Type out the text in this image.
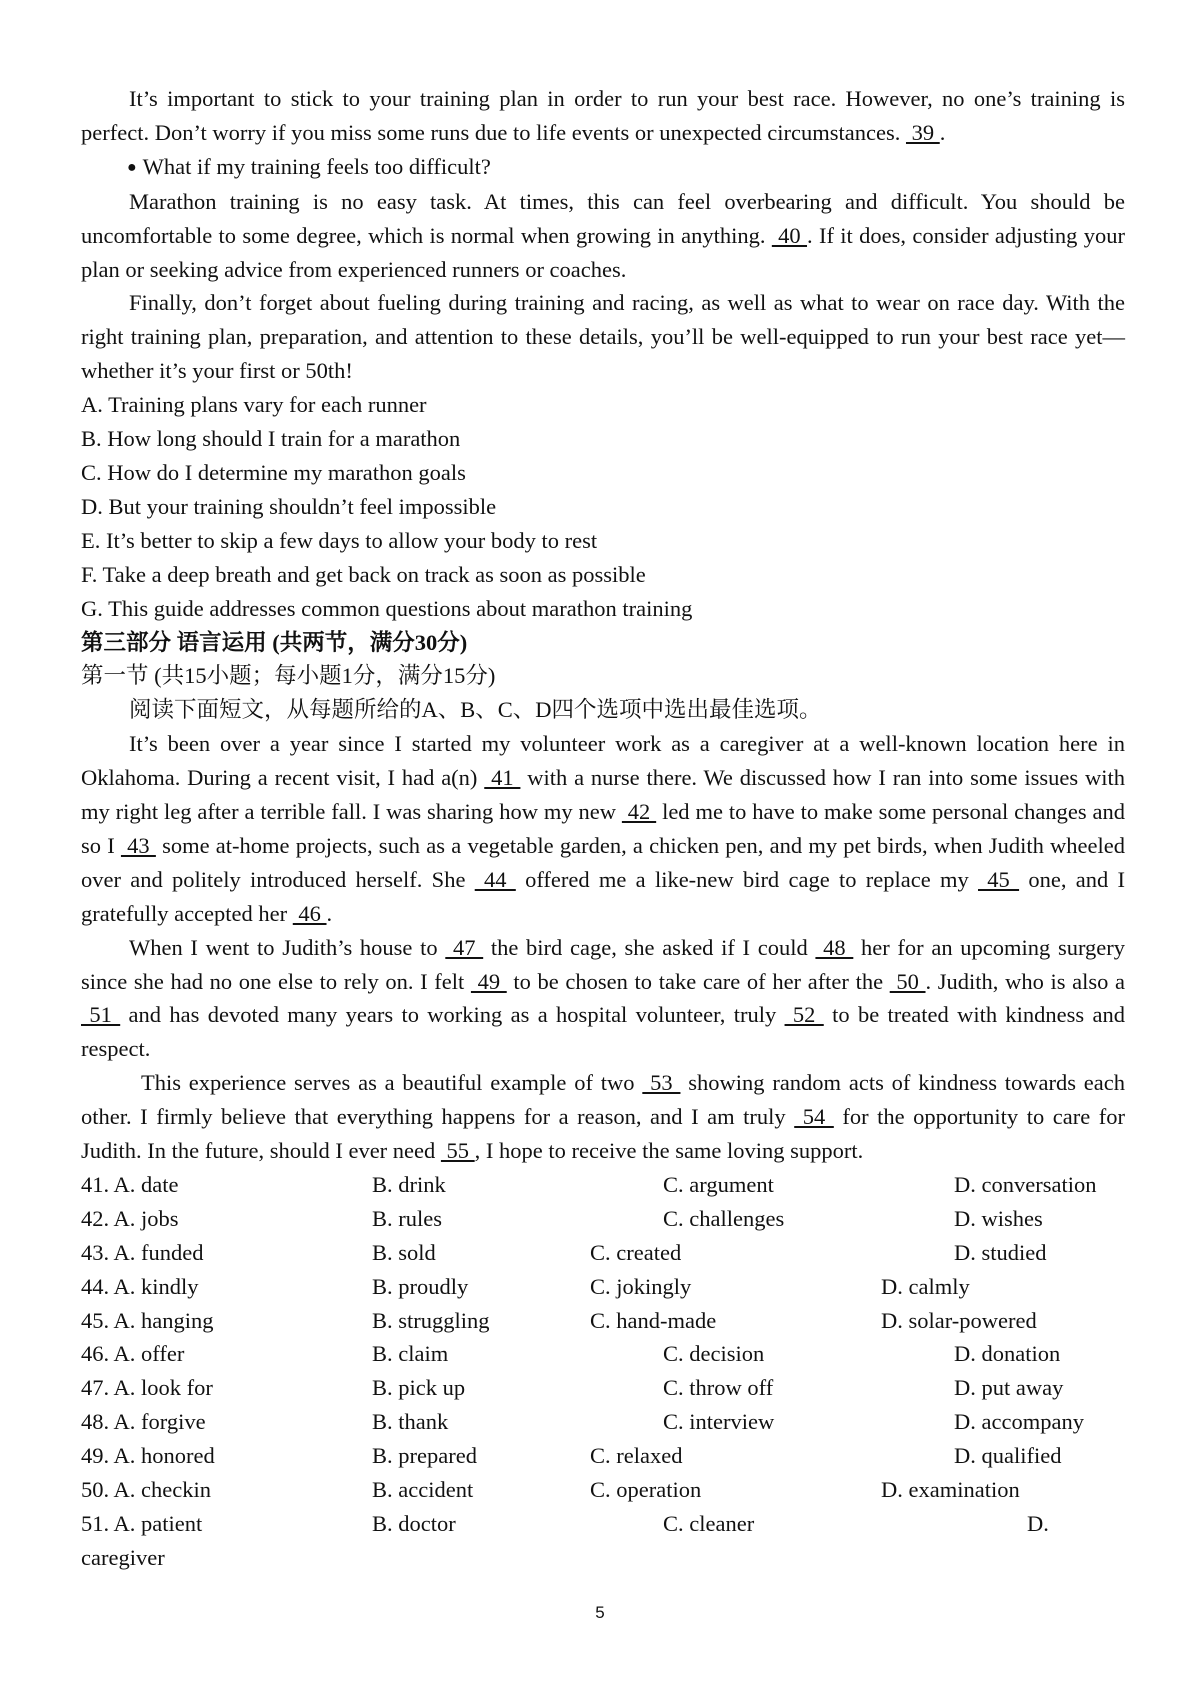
It’s important to stick to your training plan in order to run your best race. However, no one’s training is perfect. Don’t worry if you miss some runs due to life events or unexpected circumstances.  39 .

● What if my training feels too difficult?

Marathon training is no easy task. At times, this can feel overbearing and difficult. You should be uncomfortable to some degree, which is normal when growing in anything.  40 . If it does, consider adjusting your plan or seeking advice from experienced runners or coaches.

Finally, don’t forget about fueling during training and racing, as well as what to wear on race day. With the right training plan, preparation, and attention to these details, you’ll be well-equipped to run your best race yet—whether it’s your first or 50th!

A. Training plans vary for each runner

B. How long should I train for a marathon

C. How do I determine my marathon goals

D. But your training shouldn’t feel impossible

E. It’s better to skip a few days to allow your body to rest

F. Take a deep breath and get back on track as soon as possible

G. This guide addresses common questions about marathon training

第三部分 语言运用 (共两节，满分30分)

第一节 (共15小题；每小题1分，满分15分)

阅读下面短文，从每题所给的A、B、C、D四个选项中选出最佳选项。

It’s been over a year since I started my volunteer work as a caregiver at a well-known location here in Oklahoma. During a recent visit, I had a(n)  41  with a nurse there. We discussed how I ran into some issues with my right leg after a terrible fall. I was sharing how my new  42  led me to have to make some personal changes and so I  43  some at-home projects, such as a vegetable garden, a chicken pen, and my pet birds, when Judith wheeled over and politely introduced herself. She  44  offered me a like-new bird cage to replace my  45  one, and I gratefully accepted her  46 .

When I went to Judith’s house to  47  the bird cage, she asked if I could  48  her for an upcoming surgery since she had no one else to rely on. I felt  49  to be chosen to take care of her after the  50 . Judith, who is also a  51  and has devoted many years to working as a hospital volunteer, truly  52  to be treated with kindness and respect.

This experience serves as a beautiful example of two  53  showing random acts of kindness towards each other. I firmly believe that everything happens for a reason, and I am truly  54  for the opportunity to care for Judith. In the future, should I ever need  55 , I hope to receive the same loving support.

41. A. date	B. drink	C. argument	D. conversation
42. A. jobs	B. rules	C. challenges	D. wishes
43. A. funded	B. sold	C. created	D. studied
44. A. kindly	B. proudly	C. jokingly	D. calmly
45. A. hanging	B. struggling	C. hand-made	D. solar-powered
46. A. offer	B. claim	C. decision	D. donation
47. A. look for	B. pick up	C. throw off	D. put away
48. A. forgive	B. thank	C. interview	D. accompany
49. A. honored	B. prepared	C. relaxed	D. qualified
50. A. checkin	B. accident	C. operation	D. examination
51. A. patient	B. doctor	C. cleaner	D.
caregiver
5
